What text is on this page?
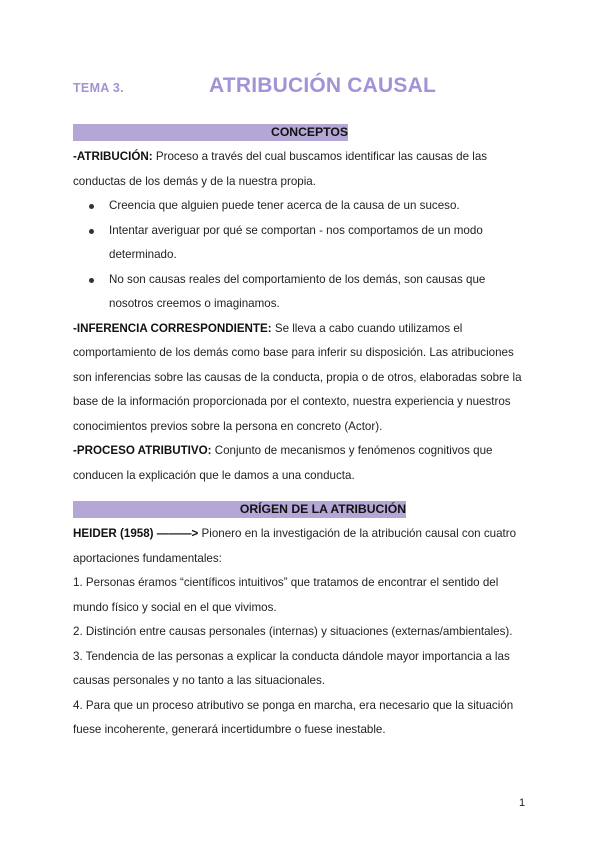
TEMA 3.	ATRIBUCIÓN CAUSAL
CONCEPTOS

-ATRIBUCIÓN: Proceso a través del cual buscamos identificar las causas de las conductas de los demás y de la nuestra propia.

Creencia que alguien puede tener acerca de la causa de un suceso.
Intentar averiguar por qué se comportan - nos comportamos de un modo determinado.
No son causas reales del comportamiento de los demás, son causas que nosotros creemos o imaginamos.

-INFERENCIA CORRESPONDIENTE: Se lleva a cabo cuando utilizamos el comportamiento de los demás como base para inferir su disposición. Las atribuciones son inferencias sobre las causas de la conducta, propia o de otros, elaboradas sobre la base de la información proporcionada por el contexto, nuestra experiencia y nuestros conocimientos previos sobre la persona en concreto (Actor).

-PROCESO ATRIBUTIVO: Conjunto de mecanismos y fenómenos cognitivos que conducen la explicación que le damos a una conducta.

ORÍGEN DE LA ATRIBUCIÓN

HEIDER (1958) ———> Pionero en la investigación de la atribución causal con cuatro aportaciones fundamentales:

1. Personas éramos “científicos intuitivos” que tratamos de encontrar el sentido del mundo físico y social en el que vivimos.

2. Distinción entre causas personales (internas) y situaciones (externas/ambientales).

3. Tendencia de las personas a explicar la conducta dándole mayor importancia a las causas personales y no tanto a las situacionales.

4. Para que un proceso atributivo se ponga en marcha, era necesario que la situación fuese incoherente, generará incertidumbre o fuese inestable.

1
